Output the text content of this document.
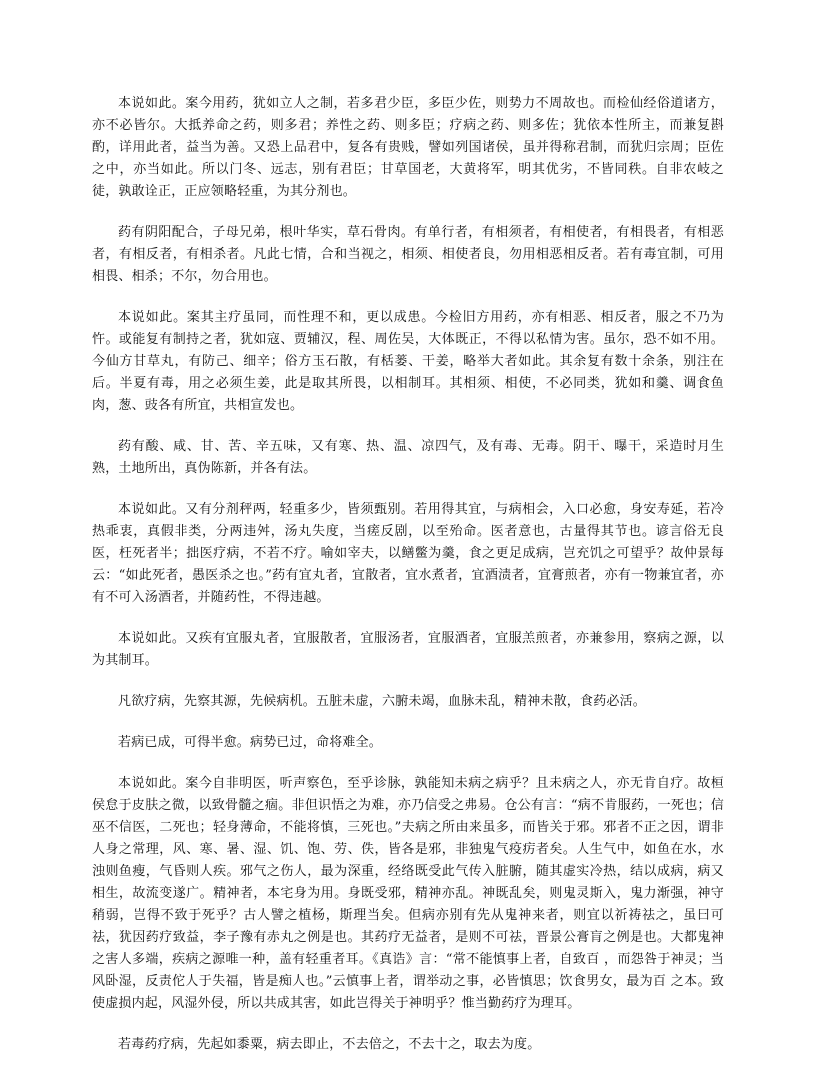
本说如此。案今用药，犹如立人之制，若多君少臣，多臣少佐，则势力不周故也。而检仙经俗道诸方，亦不必皆尔。大抵养命之药，则多君；养性之药、则多臣；疗病之药、则多佐；犹依本性所主，而兼复斟酌，详用此者，益当为善。又恐上品君中，复各有贵贱，譬如列国诸侯，虽并得称君制，而犹归宗周；臣佐之中，亦当如此。所以门冬、远志，别有君臣；甘草国老，大黄将军，明其优劣，不皆同秩。自非农岐之徒，孰敢诠正，正应领略轻重，为其分剂也。

药有阴阳配合，子母兄弟，根叶华实，草石骨肉。有单行者，有相须者，有相使者，有相畏者，有相恶者，有相反者，有相杀者。凡此七情，合和当视之，相须、相使者良，勿用相恶相反者。若有毒宜制，可用相畏、相杀；不尔，勿合用也。

本说如此。案其主疗虽同，而性理不和，更以成患。今检旧方用药，亦有相恶、相反者，服之不乃为忤。或能复有制持之者，犹如寇、贾辅汉，程、周佐吴，大体既正，不得以私情为害。虽尔，恐不如不用。今仙方甘草丸，有防己、细辛；俗方玉石散，有栝蒌、干姜，略举大者如此。其余复有数十余条，别注在后。半夏有毒，用之必须生姜，此是取其所畏，以相制耳。其相须、相使，不必同类，犹如和羹、调食鱼肉，葱、豉各有所宜，共相宣发也。

药有酸、咸、甘、苦、辛五味，又有寒、热、温、凉四气，及有毒、无毒。阴干、曝干，采造时月生熟，土地所出，真伪陈新，并各有法。

本说如此。又有分剂秤两，轻重多少，皆须甄别。若用得其宜，与病相会，入口必愈，身安寿延，若冷热乖衷，真假非类，分两违舛，汤丸失度，当瘥反剧，以至殆命。医者意也，古量得其节也。谚言俗无良医，枉死者半；拙医疗病，不若不疗。喻如宰夫，以鳝鳖为羹，食之更足成病，岂充饥之可望乎？故仲景每云：“如此死者，愚医杀之也。”药有宜丸者，宜散者，宜水煮者，宜酒渍者，宜膏煎者，亦有一物兼宜者，亦有不可入汤酒者，并随药性，不得违越。

本说如此。又疾有宜服丸者，宜服散者，宜服汤者，宜服酒者，宜服羔煎者，亦兼参用，察病之源，以为其制耳。

凡欲疗病，先察其源，先候病机。五脏未虚，六腑未竭，血脉未乱，精神未散，食药必活。

若病已成，可得半愈。病势已过，命将难全。

本说如此。案今自非明医，听声察色，至乎诊脉，孰能知未病之病乎？且未病之人，亦无肯自疗。故桓侯怠于皮肤之微，以致骨髓之痼。非但识悟之为难，亦乃信受之弗易。仓公有言：“病不肯服药，一死也；信巫不信医，二死也；轻身薄命，不能将慎，三死也。”夫病之所由来虽多，而皆关于邪。邪者不正之因，谓非人身之常理，风、寒、暑、湿、饥、饱、劳、佚，皆各是邪，非独鬼气疫疠者矣。人生气中，如鱼在水，水浊则鱼瘦，气昏则人疾。邪气之伤人，最为深重，经络既受此气传入脏腑，随其虚实冷热，结以成病，病又相生，故流变遂广。精神者，本宅身为用。身既受邪，精神亦乱。神既乱矣，则鬼灵斯入，鬼力渐强，神守稍弱，岂得不致于死乎？古人譬之植杨，斯理当矣。但病亦别有先从鬼神来者，则宜以祈祷祛之，虽曰可祛，犹因药疗致益，李子豫有赤丸之例是也。其药疗无益者，是则不可祛，晋景公膏肓之例是也。大都鬼神之害人多端，疾病之源唯一种，盖有轻重者耳。《真诰》言：“常不能慎事上者，自致百 ，而怨咎于神灵；当风卧湿，反责佗人于失福，皆是痴人也。”云慎事上者，谓举动之事，必皆慎思；饮食男女，最为百 之本。致使虚损内起，风湿外侵，所以共成其害，如此岂得关于神明乎？惟当勤药疗为理耳。

若毒药疗病，先起如黍粟，病去即止，不去倍之，不去十之，取去为度。
